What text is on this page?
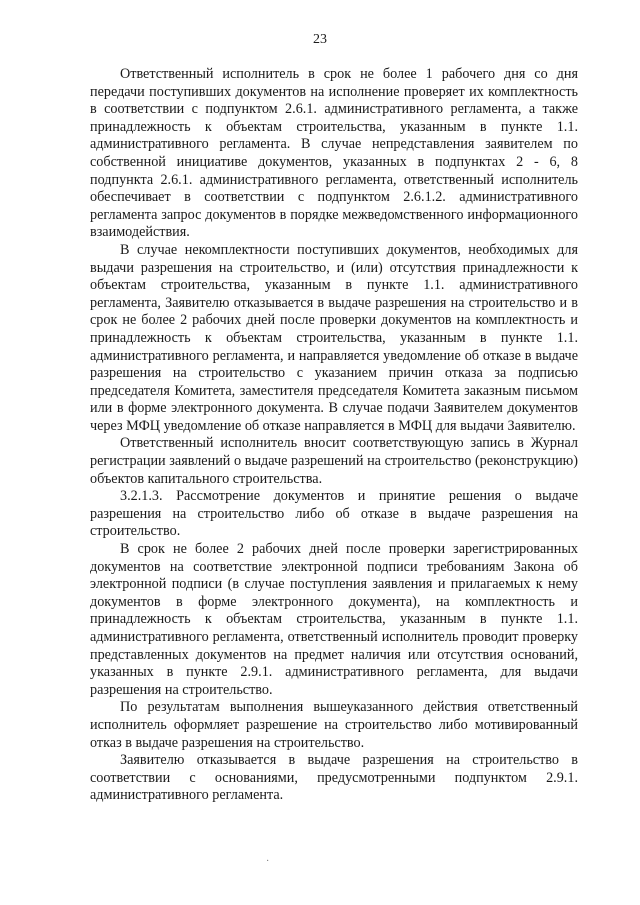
23

Ответственный исполнитель в срок не более 1 рабочего дня со дня передачи поступивших документов на исполнение проверяет их комплектность в соответствии с подпунктом 2.6.1. административного регламента, а также принадлежность к объектам строительства, указанным в пункте 1.1. административного регламента. В случае непредставления заявителем по собственной инициативе документов, указанных в подпунктах 2 - 6, 8 подпункта 2.6.1. административного регламента, ответственный исполнитель обеспечивает в соответствии с подпунктом 2.6.1.2. административного регламента запрос документов в порядке межведомственного информационного взаимодействия.

В случае некомплектности поступивших документов, необходимых для выдачи разрешения на строительство, и (или) отсутствия принадлежности к объектам строительства, указанным в пункте 1.1. административного регламента, Заявителю отказывается в выдаче разрешения на строительство и в срок не более 2 рабочих дней после проверки документов на комплектность и принадлежность к объектам строительства, указанным в пункте 1.1. административного регламента, и направляется уведомление об отказе в выдаче разрешения на строительство с указанием причин отказа за подписью председателя Комитета, заместителя председателя Комитета заказным письмом или в форме электронного документа. В случае подачи Заявителем документов через МФЦ уведомление об отказе направляется в МФЦ для выдачи Заявителю.

Ответственный исполнитель вносит соответствующую запись в Журнал регистрации заявлений о выдаче разрешений на строительство (реконструкцию) объектов капитального строительства.

3.2.1.3. Рассмотрение документов и принятие решения о выдаче разрешения на строительство либо об отказе в выдаче разрешения на строительство.

В срок не более 2 рабочих дней после проверки зарегистрированных документов на соответствие электронной подписи требованиям Закона об электронной подписи (в случае поступления заявления и прилагаемых к нему документов в форме электронного документа), на комплектность и принадлежность к объектам строительства, указанным в пункте 1.1. административного регламента, ответственный исполнитель проводит проверку представленных документов на предмет наличия или отсутствия оснований, указанных в пункте 2.9.1. административного регламента, для выдачи разрешения на строительство.

По результатам выполнения вышеуказанного действия ответственный исполнитель оформляет разрешение на строительство либо мотивированный отказ в выдаче разрешения на строительство.

Заявителю отказывается в выдаче разрешения на строительство в соответствии с основаниями, предусмотренными подпунктом 2.9.1. административного регламента.

·
